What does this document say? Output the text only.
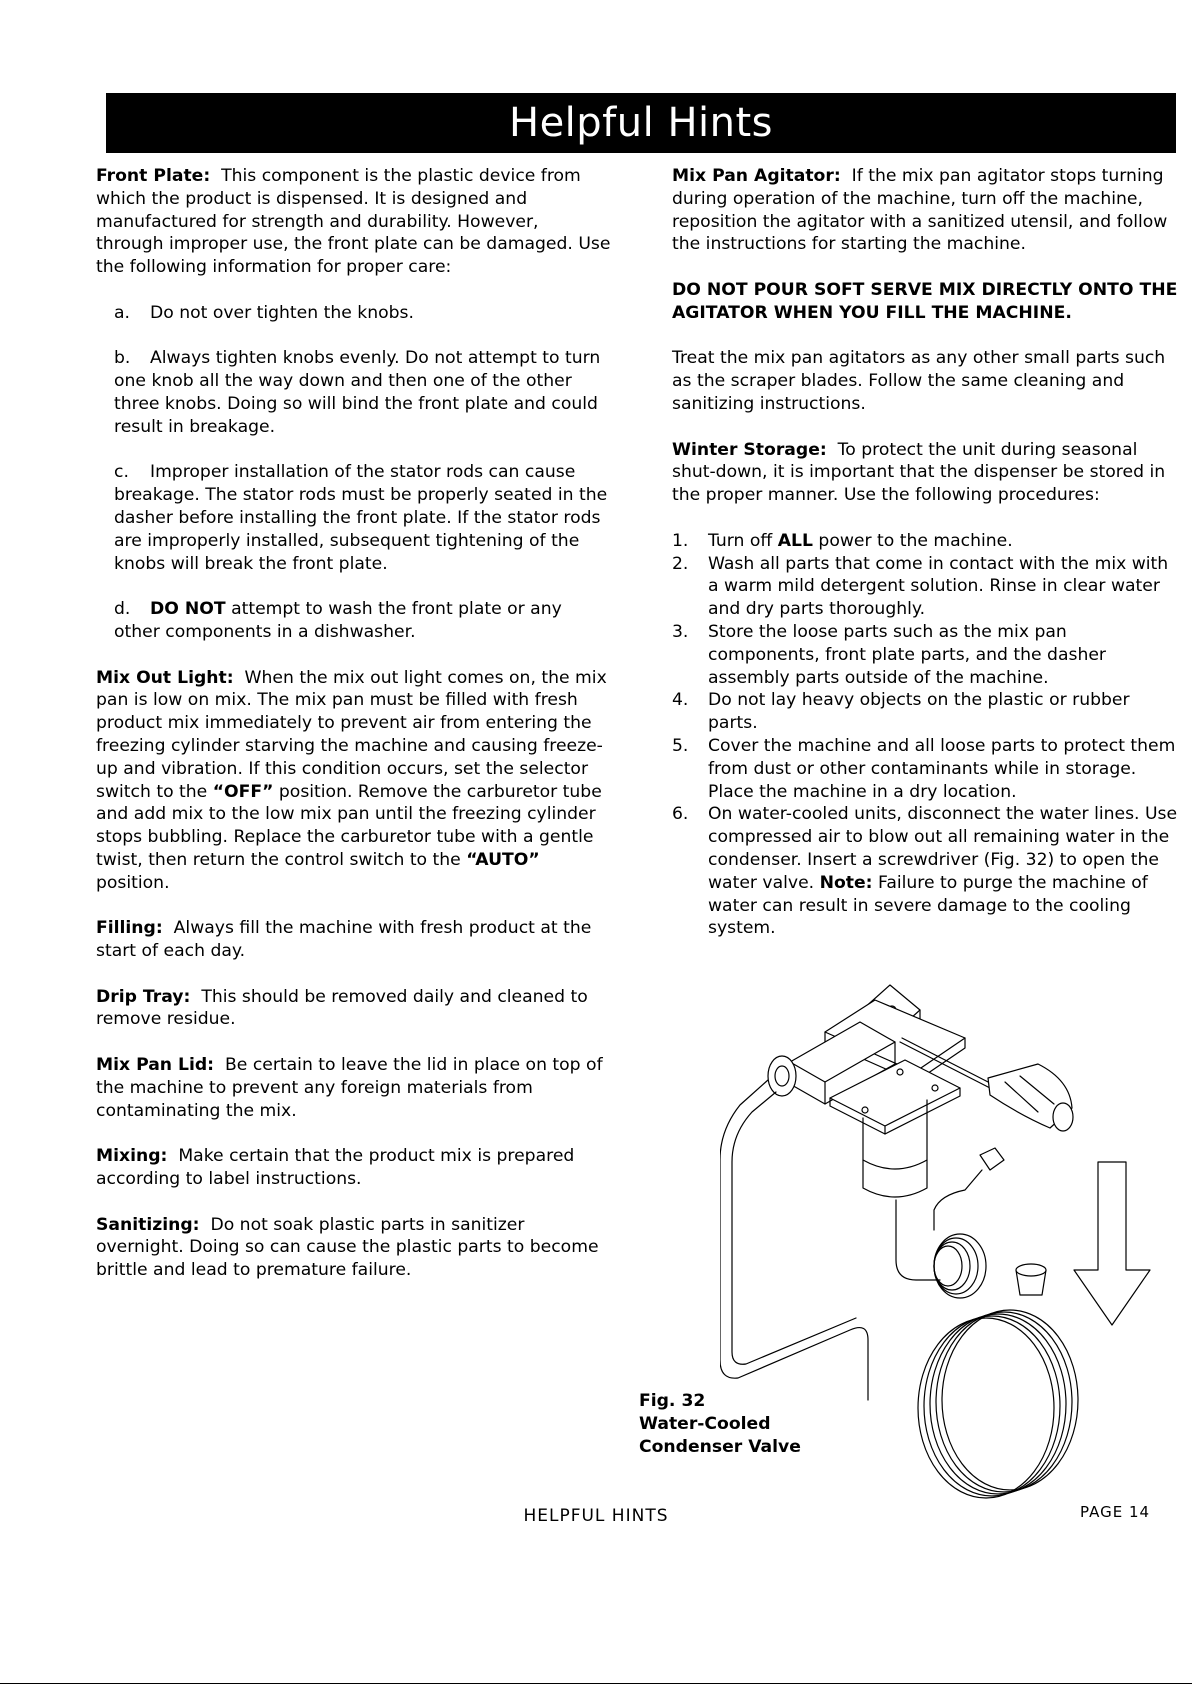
Helpful Hints

Front Plate: This component is the plastic device from which the product is dispensed. It is designed and manufactured for strength and durability. However, through improper use, the front plate can be damaged. Use the following information for proper care:

a. Do not over tighten the knobs.

b. Always tighten knobs evenly. Do not attempt to turn one knob all the way down and then one of the other three knobs. Doing so will bind the front plate and could result in breakage.

c. Improper installation of the stator rods can cause breakage. The stator rods must be properly seated in the dasher before installing the front plate. If the stator rods are improperly installed, subsequent tightening of the knobs will break the front plate.

d. DO NOT attempt to wash the front plate or any other components in a dishwasher.

Mix Out Light: When the mix out light comes on, the mix pan is low on mix. The mix pan must be filled with fresh product mix immediately to prevent air from entering the freezing cylinder starving the machine and causing freeze-up and vibration. If this condition occurs, set the selector switch to the “OFF” position. Remove the carburetor tube and add mix to the low mix pan until the freezing cylinder stops bubbling. Replace the carburetor tube with a gentle twist, then return the control switch to the “AUTO” position.

Filling: Always fill the machine with fresh product at the start of each day.

Drip Tray: This should be removed daily and cleaned to remove residue.

Mix Pan Lid: Be certain to leave the lid in place on top of the machine to prevent any foreign materials from contaminating the mix.

Mixing: Make certain that the product mix is prepared according to label instructions.

Sanitizing: Do not soak plastic parts in sanitizer overnight. Doing so can cause the plastic parts to become brittle and lead to premature failure.

Mix Pan Agitator: If the mix pan agitator stops turning during operation of the machine, turn off the machine, reposition the agitator with a sanitized utensil, and follow the instructions for starting the machine.

DO NOT POUR SOFT SERVE MIX DIRECTLY ONTO THE AGITATOR WHEN YOU FILL THE MACHINE.

Treat the mix pan agitators as any other small parts such as the scraper blades. Follow the same cleaning and sanitizing instructions.

Winter Storage: To protect the unit during seasonal shut-down, it is important that the dispenser be stored in the proper manner. Use the following procedures:

1. Turn off ALL power to the machine.
2. Wash all parts that come in contact with the mix with a warm mild detergent solution. Rinse in clear water and dry parts thoroughly.
3. Store the loose parts such as the mix pan components, front plate parts, and the dasher assembly parts outside of the machine.
4. Do not lay heavy objects on the plastic or rubber parts.
5. Cover the machine and all loose parts to protect them from dust or other contaminants while in storage. Place the machine in a dry location.
6. On water-cooled units, disconnect the water lines. Use compressed air to blow out all remaining water in the condenser. Insert a screwdriver (Fig. 32) to open the water valve. Note: Failure to purge the machine of water can result in severe damage to the cooling system.
Fig. 32
Water-Cooled
Condenser Valve
HELPFUL HINTS	PAGE 14
